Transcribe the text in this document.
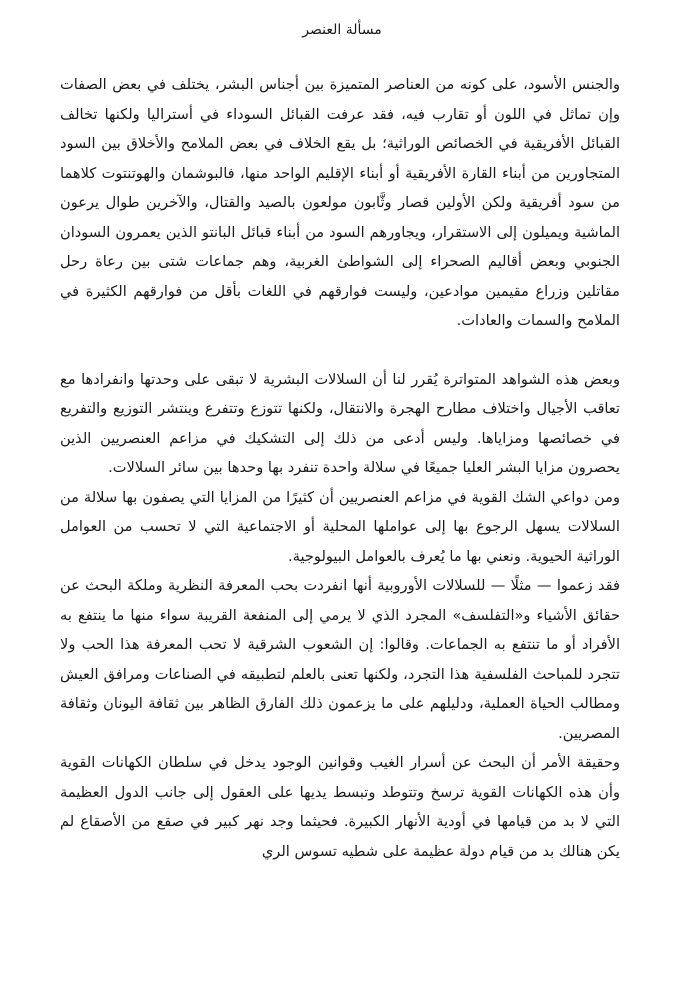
مسألة العنصر

والجنس الأسود، على كونه من العناصر المتميزة بين أجناس البشر، يختلف في بعض الصفات وإن تماثل في اللون أو تقارب فيه، فقد عرفت القبائل السوداء في أستراليا ولكنها تخالف القبائل الأفريقية في الخصائص الوراثية؛ بل يقع الخلاف في بعض الملامح والأخلاق بين السود المتجاورين من أبناء القارة الأفريقية أو أبناء الإقليم الواحد منها، فالبوشمان والهوتنتوت كلاهما من سود أفريقية ولكن الأولين قصار وثَّابون مولعون بالصيد والقتال، والآخرين طوال يرعون الماشية ويميلون إلى الاستقرار، ويجاورهم السود من أبناء قبائل البانتو الذين يعمرون السودان الجنوبي وبعض أقاليم الصحراء إلى الشواطئ الغربية، وهم جماعات شتى بين رعاة رحل مقاتلين وزراع مقيمين موادعين، وليست فوارقهم في اللغات بأقل من فوارقهم الكثيرة في الملامح والسمات والعادات.

وبعض هذه الشواهد المتواترة يُقرر لنا أن السلالات البشرية لا تبقى على وحدتها وانفرادها مع تعاقب الأجيال واختلاف مطارح الهجرة والانتقال، ولكنها تتوزع وتتفرع وينتشر التوزيع والتفريع في خصائصها ومزاياها. وليس أدعى من ذلك إلى التشكيك في مزاعم العنصريين الذين يحصرون مزايا البشر العليا جميعًا في سلالة واحدة تنفرد بها وحدها بين سائر السلالات.

ومن دواعي الشك القوية في مزاعم العنصريين أن كثيرًا من المزايا التي يصفون بها سلالة من السلالات يسهل الرجوع بها إلى عواملها المحلية أو الاجتماعية التي لا تحسب من العوامل الوراثية الحيوية. ونعني بها ما يُعرف بالعوامل البيولوجية.

فقد زعموا — مثلًا — للسلالات الأوروبية أنها انفردت بحب المعرفة النظرية وملكة البحث عن حقائق الأشياء و«التفلسف» المجرد الذي لا يرمي إلى المنفعة القريبة سواء منها ما ينتفع به الأفراد أو ما تنتفع به الجماعات. وقالوا: إن الشعوب الشرقية لا تحب المعرفة هذا الحب ولا تتجرد للمباحث الفلسفية هذا التجرد، ولكنها تعنى بالعلم لتطبيقه في الصناعات ومرافق العيش ومطالب الحياة العملية، ودليلهم على ما يزعمون ذلك الفارق الظاهر بين ثقافة اليونان وثقافة المصريين.

وحقيقة الأمر أن البحث عن أسرار الغيب وقوانين الوجود يدخل في سلطان الكهانات القوية وأن هذه الكهانات القوية ترسخ وتتوطد وتبسط يديها على العقول إلى جانب الدول العظيمة التي لا بد من قيامها في أودية الأنهار الكبيرة. فحيثما وجد نهر كبير في صقع من الأصقاع لم يكن هنالك بد من قيام دولة عظيمة على شطيه تسوس الري
